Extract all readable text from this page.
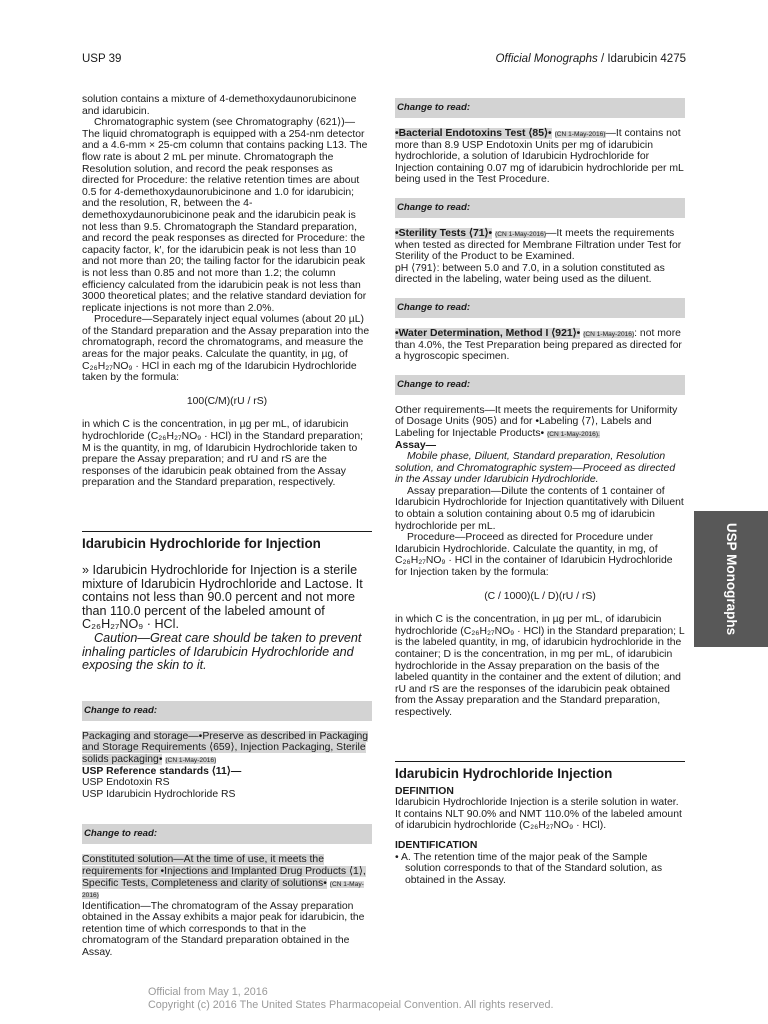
USP 39	Official Monographs / Idarubicin 4275

solution contains a mixture of 4-demethoxydaunorubicinone and idarubicin.

Chromatographic system (see Chromatography ⟨621⟩)—The liquid chromatograph is equipped with a 254-nm detector and a 4.6-mm × 25-cm column that contains packing L13. The flow rate is about 2 mL per minute. Chromatograph the Resolution solution, and record the peak responses as directed for Procedure: the relative retention times are about 0.5 for 4-demethoxydaunorubicinone and 1.0 for idarubicin; and the resolution, R, between the 4-demethoxydaunorubicinone peak and the idarubicin peak is not less than 9.5. Chromatograph the Standard preparation, and record the peak responses as directed for Procedure: the capacity factor, k′, for the idarubicin peak is not less than 10 and not more than 20; the tailing factor for the idarubicin peak is not less than 0.85 and not more than 1.2; the column efficiency calculated from the idarubicin peak is not less than 3000 theoretical plates; and the relative standard deviation for replicate injections is not more than 2.0%.

Procedure—Separately inject equal volumes (about 20 µL) of the Standard preparation and the Assay preparation into the chromatograph, record the chromatograms, and measure the areas for the major peaks. Calculate the quantity, in µg, of C₂₆H₂₇NO₉ · HCl in each mg of the Idarubicin Hydrochloride taken by the formula:

100(C/M)(rU / rS)

in which C is the concentration, in µg per mL, of idarubicin hydrochloride (C₂₆H₂₇NO₉ · HCl) in the Standard preparation; M is the quantity, in mg, of Idarubicin Hydrochloride taken to prepare the Assay preparation; and rU and rS are the responses of the idarubicin peak obtained from the Assay preparation and the Standard preparation, respectively.

Idarubicin Hydrochloride for Injection

» Idarubicin Hydrochloride for Injection is a sterile mixture of Idarubicin Hydrochloride and Lactose. It contains not less than 90.0 percent and not more than 110.0 percent of the labeled amount of C₂₆H₂₇NO₉ · HCl.

Caution—Great care should be taken to prevent inhaling particles of Idarubicin Hydrochloride and exposing the skin to it.

Change to read:

Packaging and storage—•Preserve as described in Packaging and Storage Requirements ⟨659⟩, Injection Packaging, Sterile solids packaging• (CN 1-May-2016)

USP Reference standards ⟨11⟩—

USP Endotoxin RS

USP Idarubicin Hydrochloride RS

Change to read:

Constituted solution—At the time of use, it meets the requirements for •Injections and Implanted Drug Products ⟨1⟩, Specific Tests, Completeness and clarity of solutions• (CN 1-May-2016)

Identification—The chromatogram of the Assay preparation obtained in the Assay exhibits a major peak for idarubicin, the retention time of which corresponds to that in the chromatogram of the Standard preparation obtained in the Assay.

Change to read:

•Bacterial Endotoxins Test ⟨85⟩• (CN 1-May-2016)—It contains not more than 8.9 USP Endotoxin Units per mg of idarubicin hydrochloride, a solution of Idarubicin Hydrochloride for Injection containing 0.07 mg of idarubicin hydrochloride per mL being used in the Test Procedure.

Change to read:

•Sterility Tests ⟨71⟩• (CN 1-May-2016)—It meets the requirements when tested as directed for Membrane Filtration under Test for Sterility of the Product to be Examined.

pH ⟨791⟩: between 5.0 and 7.0, in a solution constituted as directed in the labeling, water being used as the diluent.

Change to read:

•Water Determination, Method I ⟨921⟩• (CN 1-May-2016): not more than 4.0%, the Test Preparation being prepared as directed for a hygroscopic specimen.

Change to read:

Other requirements—It meets the requirements for Uniformity of Dosage Units ⟨905⟩ and for •Labeling ⟨7⟩, Labels and Labeling for Injectable Products• (CN 1-May-2016).

Assay—

Mobile phase, Diluent, Standard preparation, Resolution solution, and Chromatographic system—Proceed as directed in the Assay under Idarubicin Hydrochloride.

Assay preparation—Dilute the contents of 1 container of Idarubicin Hydrochloride for Injection quantitatively with Diluent to obtain a solution containing about 0.5 mg of idarubicin hydrochloride per mL.

Procedure—Proceed as directed for Procedure under Idarubicin Hydrochloride. Calculate the quantity, in mg, of C₂₆H₂₇NO₉ · HCl in the container of Idarubicin Hydrochloride for Injection taken by the formula:

(C / 1000)(L / D)(rU / rS)

in which C is the concentration, in µg per mL, of idarubicin hydrochloride (C₂₆H₂₇NO₉ · HCl) in the Standard preparation; L is the labeled quantity, in mg, of idarubicin hydrochloride in the container; D is the concentration, in mg per mL, of idarubicin hydrochloride in the Assay preparation on the basis of the labeled quantity in the container and the extent of dilution; and rU and rS are the responses of the idarubicin peak obtained from the Assay preparation and the Standard preparation, respectively.

Idarubicin Hydrochloride Injection

DEFINITION

Idarubicin Hydrochloride Injection is a sterile solution in water. It contains NLT 90.0% and NMT 110.0% of the labeled amount of idarubicin hydrochloride (C₂₆H₂₇NO₉ · HCl).

IDENTIFICATION

• A. The retention time of the major peak of the Sample solution corresponds to that of the Standard solution, as obtained in the Assay.

USP Monographs
Official from May 1, 2016
Copyright (c) 2016 The United States Pharmacopeial Convention. All rights reserved.
